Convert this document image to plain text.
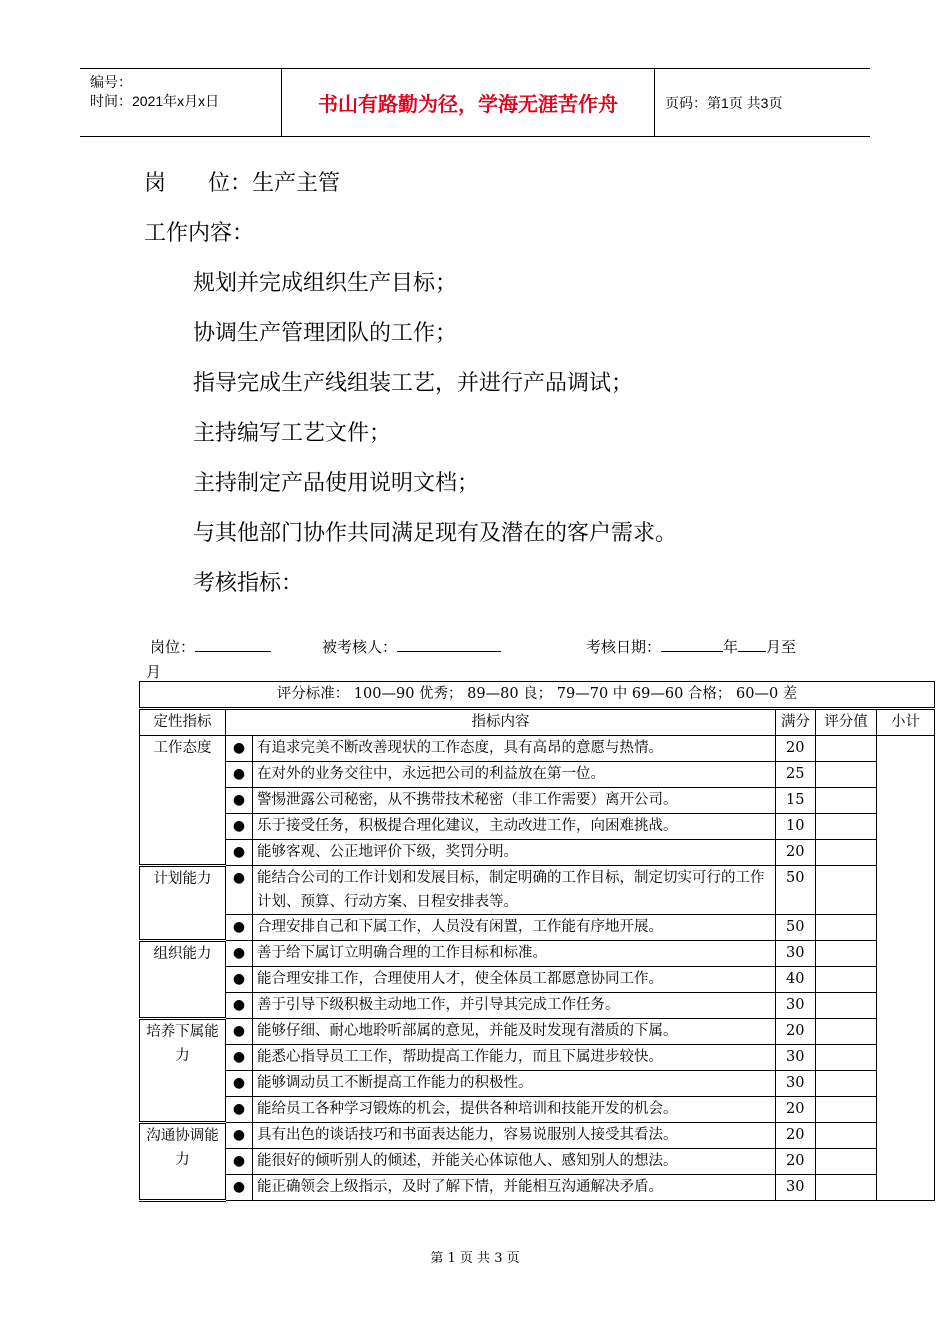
编号：
时间：2021年x月x日	书山有路勤为径，学海无涯苦作舟	页码：第1页 共3页
岗      位：生产主管
工作内容：
规划并完成组织生产目标；
协调生产管理团队的工作；
指导完成生产线组装工艺，并进行产品调试；
主持编写工艺文件；
主持制定产品使用说明文档；
与其他部门协作共同满足现有及潜在的客户需求。
考核指标：
岗位：	被考核人：	考核日期：	年 月至
月
评分标准： 100—90 优秀； 89—80 良； 79—70 中 69—60 合格； 60—0 差					
定性指标	指标内容		满分	评分值	小计
工作态度	●	有追求完美不断改善现状的工作态度，具有高昂的意愿与热情。	20		
	●	在对外的业务交往中，永远把公司的利益放在第一位。	25		
	●	警惕泄露公司秘密，从不携带技术秘密（非工作需要）离开公司。	15		
	●	乐于接受任务，积极提合理化建议，主动改进工作，向困难挑战。	10		
	●	能够客观、公正地评价下级，奖罚分明。	20		
计划能力	●	能结合公司的工作计划和发展目标，制定明确的工作目标，制定切实可行的工作计划、预算、行动方案、日程安排表等。	50		
	●	合理安排自己和下属工作，人员没有闲置，工作能有序地开展。	50		
组织能力	●	善于给下属订立明确合理的工作目标和标准。	30		
	●	能合理安排工作，合理使用人才，使全体员工都愿意协同工作。	40		
	●	善于引导下级积极主动地工作，并引导其完成工作任务。	30		
培养下属能力	●	能够仔细、耐心地聆听部属的意见，并能及时发现有潜质的下属。	20		
	●	能悉心指导员工工作，帮助提高工作能力，而且下属进步较快。	30		
	●	能够调动员工不断提高工作能力的积极性。	30		
	●	能给员工各种学习锻炼的机会，提供各种培训和技能开发的机会。	20		
沟通协调能力	●	具有出色的谈话技巧和书面表达能力，容易说服别人接受其看法。	20		
	●	能很好的倾听别人的倾述，并能关心体谅他人、感知别人的想法。	20		
	●	能正确领会上级指示，及时了解下情，并能相互沟通解决矛盾。	30		
第 1 页 共 3 页
